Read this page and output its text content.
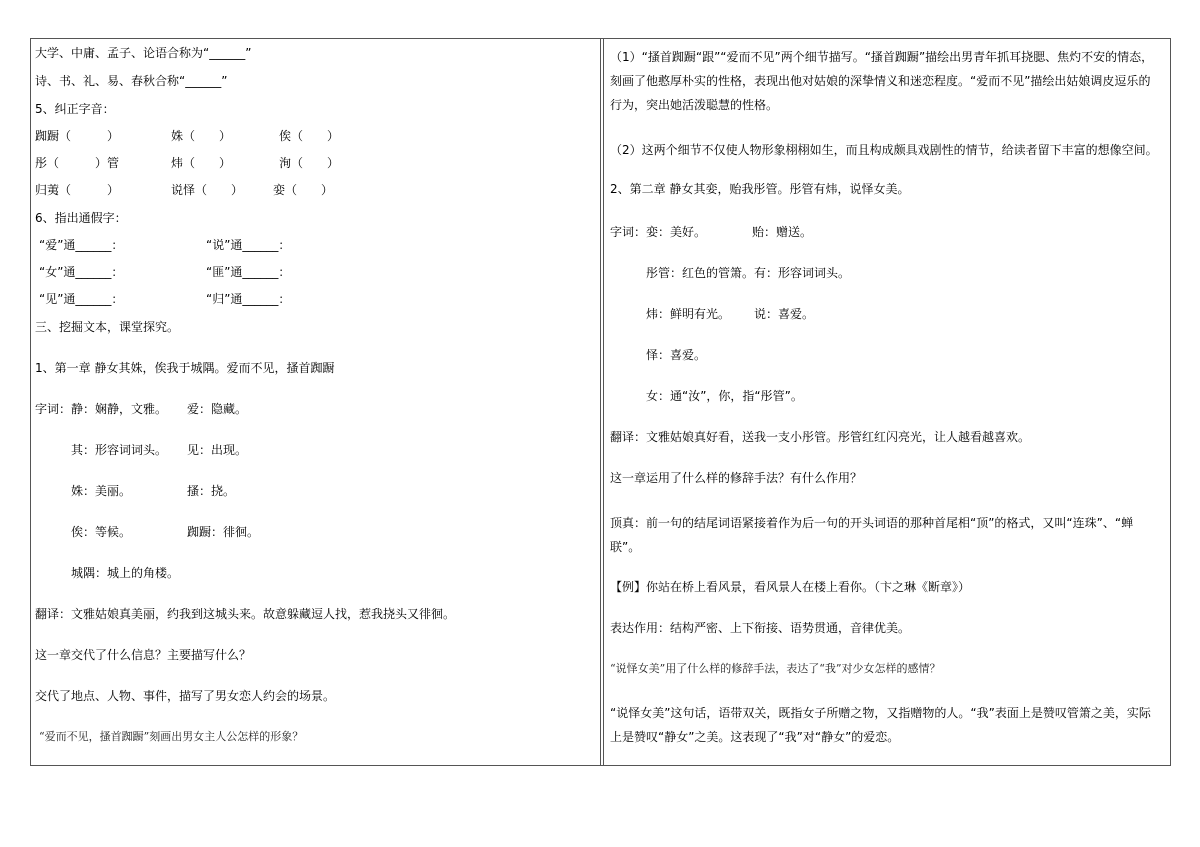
大学、中庸、孟子、论语合称为“______”
诗、书、礼、易、春秋合称“______”
5、纠正字音：
踟蹰（　　　）	姝（　　）	俟（　　）
彤（　　　）管	炜（　　）	洵（　　）
归荑（　　　）	说怿（　　） 娈（　　）
6、指出通假字：
“爱”通______：	“说”通______：
“女”通______：	“匪”通______：
“见”通______：	“归”通______：
三、挖掘文本，课堂探究。
1、第一章 静女其姝，俟我于城隅。爱而不见，搔首踟蹰
字词：静：娴静，文雅。 爱：隐藏。
其：形容词词头。 见：出现。
姝：美丽。	搔：挠。
俟：等候。	踟蹰：徘徊。
城隅：城上的角楼。
翻译：文雅姑娘真美丽，约我到这城头来。故意躲藏逗人找，惹我挠头又徘徊。
这一章交代了什么信息？主要描写什么？
交代了地点、人物、事件，描写了男女恋人约会的场景。
“爱而不见，搔首踟蹰”刻画出男女主人公怎样的形象？
（1）“搔首踟蹰“跟”“爱而不见”两个细节描写。“搔首踟蹰”描绘出男青年抓耳挠腮、焦灼不安的情态，刻画了他憨厚朴实的性格，表现出他对姑娘的深挚情义和迷恋程度。“爱而不见”描绘出姑娘调皮逗乐的行为，突出她活泼聪慧的性格。
（2）这两个细节不仅使人物形象栩栩如生，而且构成颇具戏剧性的情节，给读者留下丰富的想像空间。
2、第二章 静女其娈，贻我彤管。彤管有炜，说怿女美。
字词：娈：美好。	贻：赠送。
彤管：红色的管箫。有：形容词词头。
炜：鲜明有光。 说：喜爱。
怿：喜爱。
女：通“汝”，你，指“彤管”。
翻译：文雅姑娘真好看，送我一支小彤管。彤管红红闪亮光，让人越看越喜欢。
这一章运用了什么样的修辞手法？有什么作用？
顶真：前一句的结尾词语紧接着作为后一句的开头词语的那种首尾相“顶”的格式，又叫“连珠”、“蝉联”。
【例】你站在桥上看风景，看风景人在楼上看你。（卞之琳《断章》）
表达作用：结构严密、上下衔接、语势贯通，音律优美。
“说怿女美”用了什么样的修辞手法，表达了“我”对少女怎样的感情？
“说怿女美”这句话，语带双关，既指女子所赠之物，又指赠物的人。“我”表面上是赞叹管箫之美，实际上是赞叹“静女”之美。这表现了“我”对“静女”的爱恋。
